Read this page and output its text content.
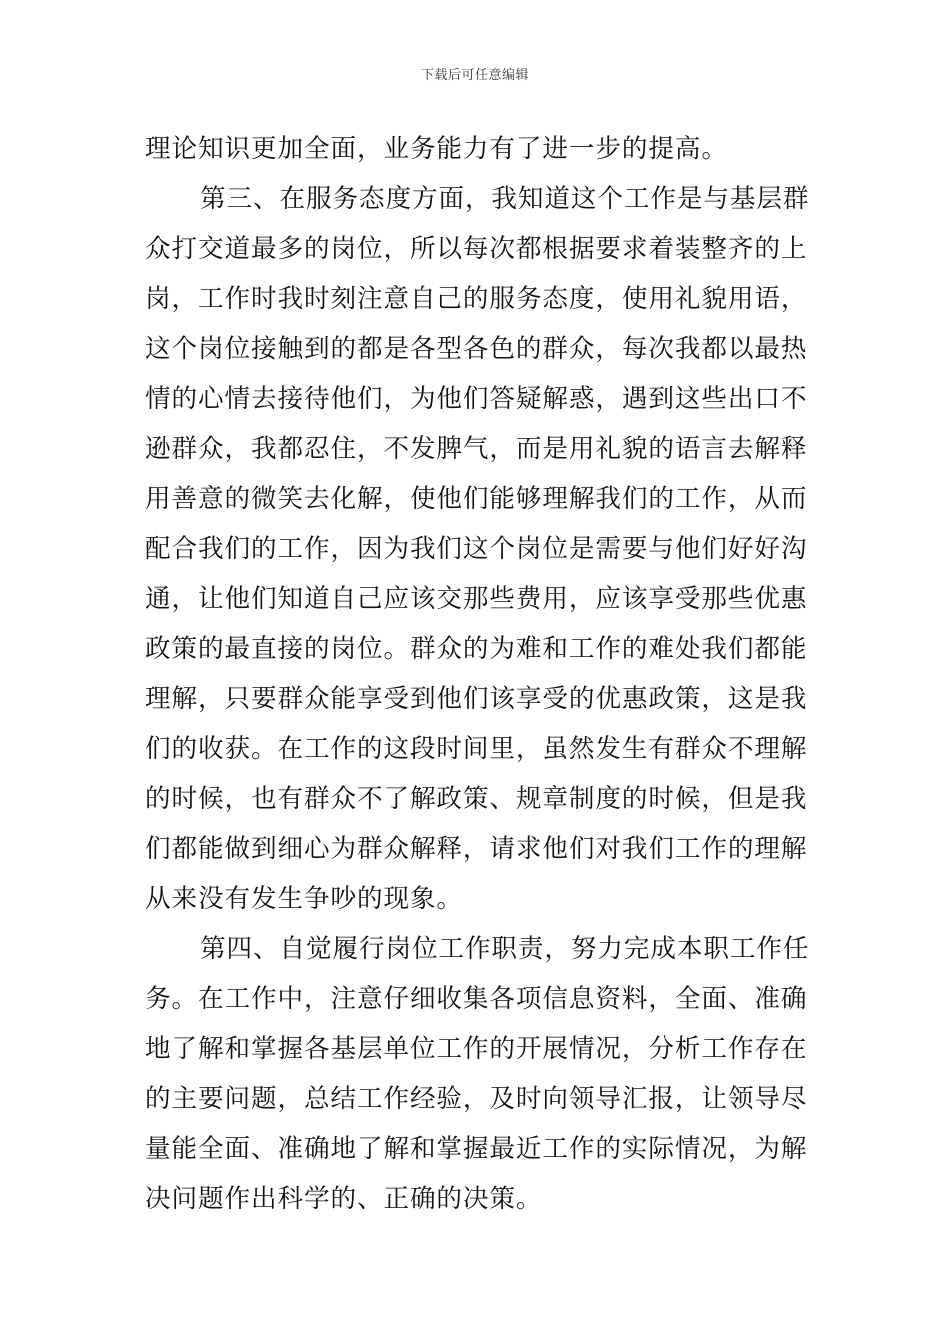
下载后可任意编辑
理论知识更加全面，业务能力有了进一步的提高。
第三、在服务态度方面，我知道这个工作是与基层群
众打交道最多的岗位，所以每次都根据要求着装整齐的上
岗，工作时我时刻注意自己的服务态度，使用礼貌用语，
这个岗位接触到的都是各型各色的群众，每次我都以最热
情的心情去接待他们，为他们答疑解惑，遇到这些出口不
逊群众，我都忍住，不发脾气，而是用礼貌的语言去解释
用善意的微笑去化解，使他们能够理解我们的工作，从而
配合我们的工作，因为我们这个岗位是需要与他们好好沟
通，让他们知道自己应该交那些费用，应该享受那些优惠
政策的最直接的岗位。群众的为难和工作的难处我们都能
理解，只要群众能享受到他们该享受的优惠政策，这是我
们的收获。在工作的这段时间里，虽然发生有群众不理解
的时候，也有群众不了解政策、规章制度的时候，但是我
们都能做到细心为群众解释，请求他们对我们工作的理解
从来没有发生争吵的现象。
第四、自觉履行岗位工作职责，努力完成本职工作任
务。在工作中，注意仔细收集各项信息资料，全面、准确
地了解和掌握各基层单位工作的开展情况，分析工作存在
的主要问题，总结工作经验，及时向领导汇报，让领导尽
量能全面、准确地了解和掌握最近工作的实际情况，为解
决问题作出科学的、正确的决策。
